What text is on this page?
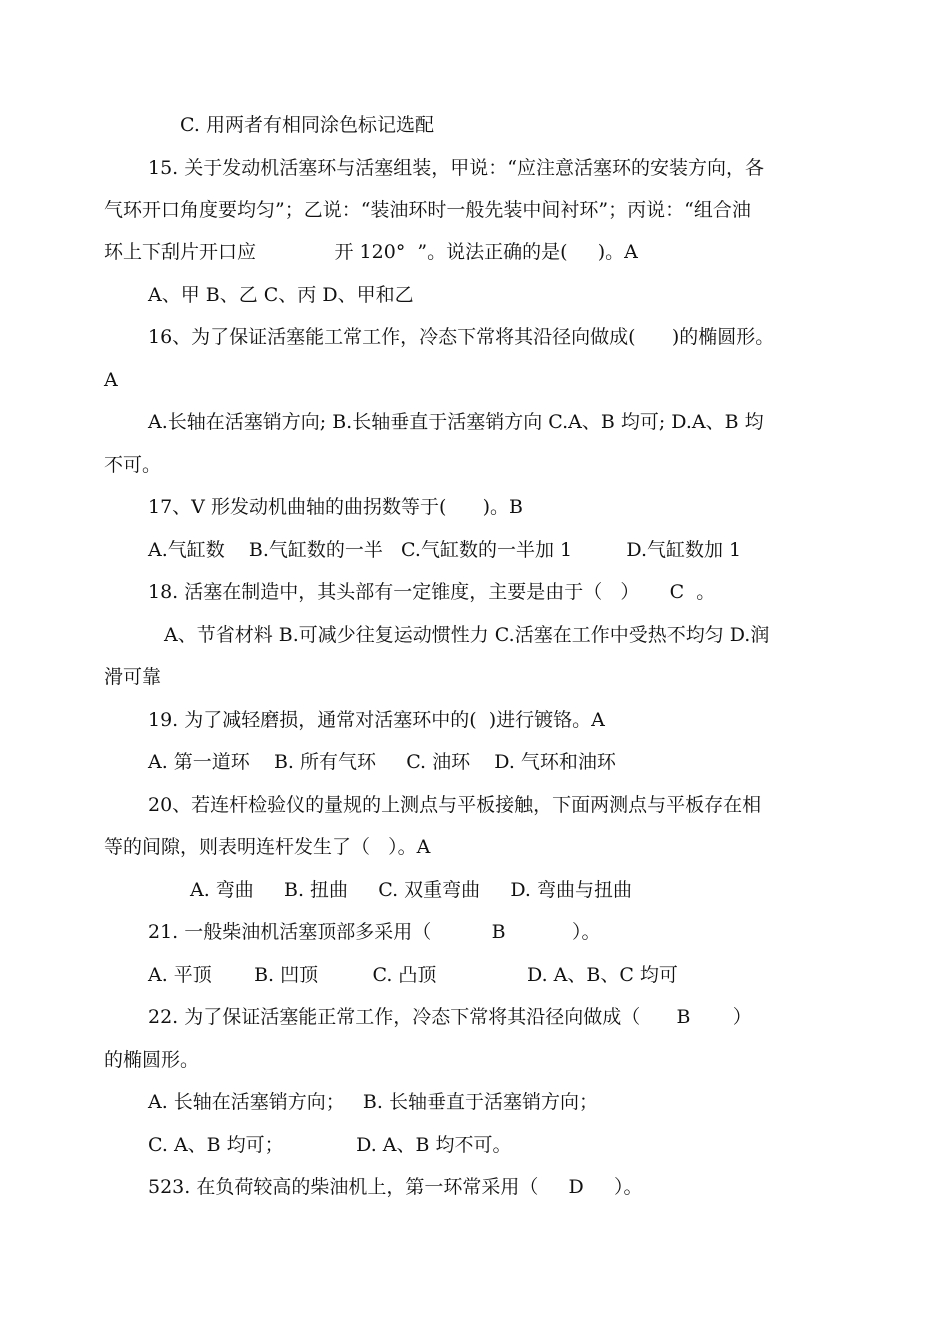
C. 用两者有相同涂色标记选配
15. 关于发动机活塞环与活塞组装，甲说：“应注意活塞环的安装方向，各
气环开口角度要均匀”；乙说：“装油环时一般先装中间衬环”；丙说：“组合油
环上下刮片开口应             开 120°  ”。说法正确的是(     )。A
A、甲 B、乙 C、丙 D、甲和乙
16、为了保证活塞能工常工作，冷态下常将其沿径向做成(      )的椭圆形。
A
A.长轴在活塞销方向; B.长轴垂直于活塞销方向 C.A、B 均可; D.A、B 均
不可。
17、V 形发动机曲轴的曲拐数等于(      )。B
A.气缸数    B.气缸数的一半   C.气缸数的一半加 1         D.气缸数加 1
18. 活塞在制造中，其头部有一定锥度，主要是由于（   ）     C  。
A、节省材料 B.可减少往复运动惯性力 C.活塞在工作中受热不均匀 D.润
滑可靠
19. 为了减轻磨损，通常对活塞环中的(  )进行镀铬。A
A. 第一道环    B. 所有气环     C. 油环    D. 气环和油环
20、若连杆检验仪的量规的上测点与平板接触，下面两测点与平板存在相
等的间隙，则表明连杆发生了（   ）。A
A. 弯曲     B. 扭曲     C. 双重弯曲     D. 弯曲与扭曲
21. 一般柴油机活塞顶部多采用（          B           ）。
A. 平顶       B. 凹顶         C. 凸顶               D. A、B、C 均可
22. 为了保证活塞能正常工作，冷态下常将其沿径向做成（      B       ）
的椭圆形。
A. 长轴在活塞销方向；   B. 长轴垂直于活塞销方向；
C. A、B 均可；            D. A、B 均不可。
523. 在负荷较高的柴油机上，第一环常采用（     D     ）。
